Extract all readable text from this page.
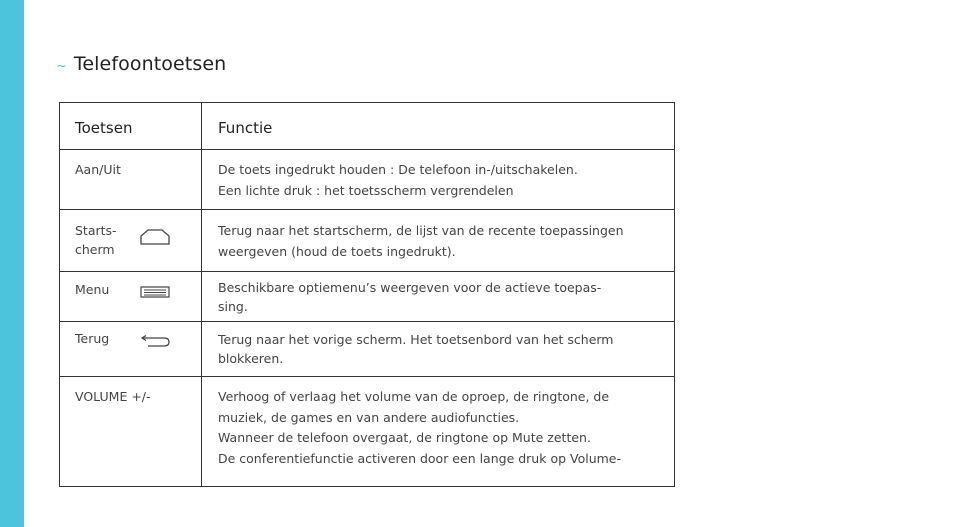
~ Telefoontoetsen
Toetsen	Functie
Aan/Uit	De toets ingedrukt houden : De telefoon in-/uitschakelen.
Een lichte druk : het toetsscherm vergrendelen

Starts-
cherm	Terug naar het startscherm, de lijst van de recente toepassingen
weergeven (houd de toets ingedrukt).

Menu	Beschikbare optiemenu’s weergeven voor de actieve toepas-
sing.

Terug	Terug naar het vorige scherm. Het toetsenbord van het scherm
blokkeren.

VOLUME +/-	Verhoog of verlaag het volume van de oproep, de ringtone, de
muziek, de games en van andere audiofuncties.
Wanneer de telefoon overgaat, de ringtone op Mute zetten.
De conferentiefunctie activeren door een lange druk op Volume-
